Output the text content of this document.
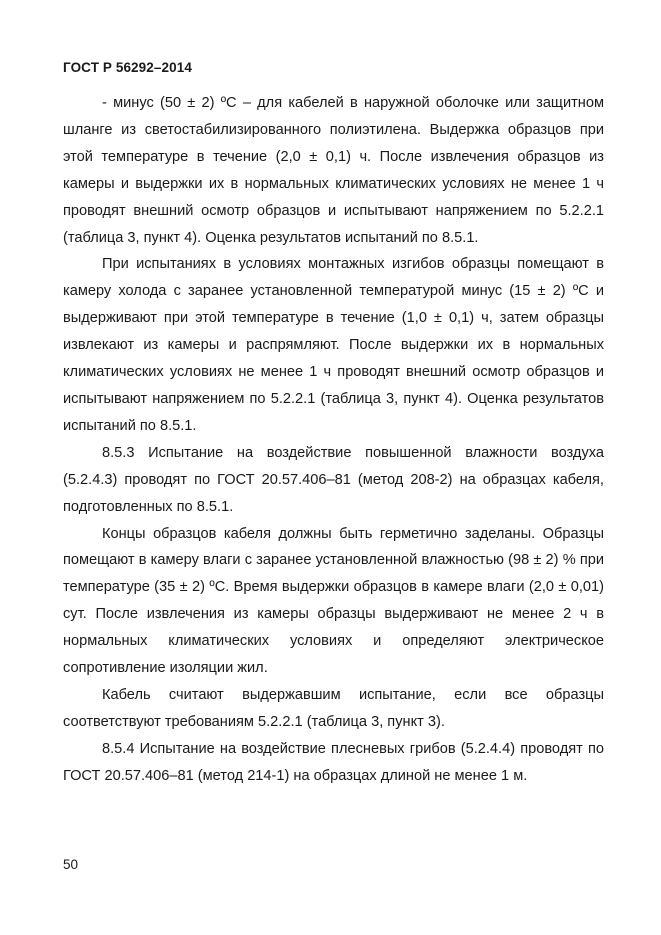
ГОСТ Р 56292–2014

- минус (50 ± 2) ºС – для кабелей в наружной оболочке или защитном шланге из светостабилизированного полиэтилена. Выдержка образцов при этой температуре в течение (2,0 ± 0,1) ч. После извлечения образцов из камеры и выдержки их в нормальных климатических условиях не менее 1 ч проводят внешний осмотр образцов и испытывают напряжением по 5.2.2.1 (таблица 3, пункт 4). Оценка результатов испытаний по 8.5.1.

При испытаниях в условиях монтажных изгибов образцы помещают в камеру холода с заранее установленной температурой минус (15 ± 2) ºС и выдерживают при этой температуре в течение (1,0 ± 0,1) ч, затем образцы извлекают из камеры и распрямляют. После выдержки их в нормальных климатических условиях не менее 1 ч проводят внешний осмотр образцов и испытывают напряжением по 5.2.2.1 (таблица 3, пункт 4). Оценка результатов испытаний по 8.5.1.

8.5.3 Испытание на воздействие повышенной влажности воздуха (5.2.4.3) проводят по ГОСТ 20.57.406–81 (метод 208-2) на образцах кабеля, подготовленных по 8.5.1.

Концы образцов кабеля должны быть герметично заделаны. Образцы помещают в камеру влаги с заранее установленной влажностью (98 ± 2) % при температуре (35 ± 2) ºС. Время выдержки образцов в камере влаги (2,0 ± 0,01) сут. После извлечения из камеры образцы выдерживают не менее 2 ч в нормальных климатических условиях и определяют электрическое сопротивление изоляции жил.

Кабель считают выдержавшим испытание, если все образцы соответствуют требованиям 5.2.2.1 (таблица 3, пункт 3).

8.5.4 Испытание на воздействие плесневых грибов (5.2.4.4) проводят по ГОСТ 20.57.406–81 (метод 214-1) на образцах длиной не менее 1 м.

50
